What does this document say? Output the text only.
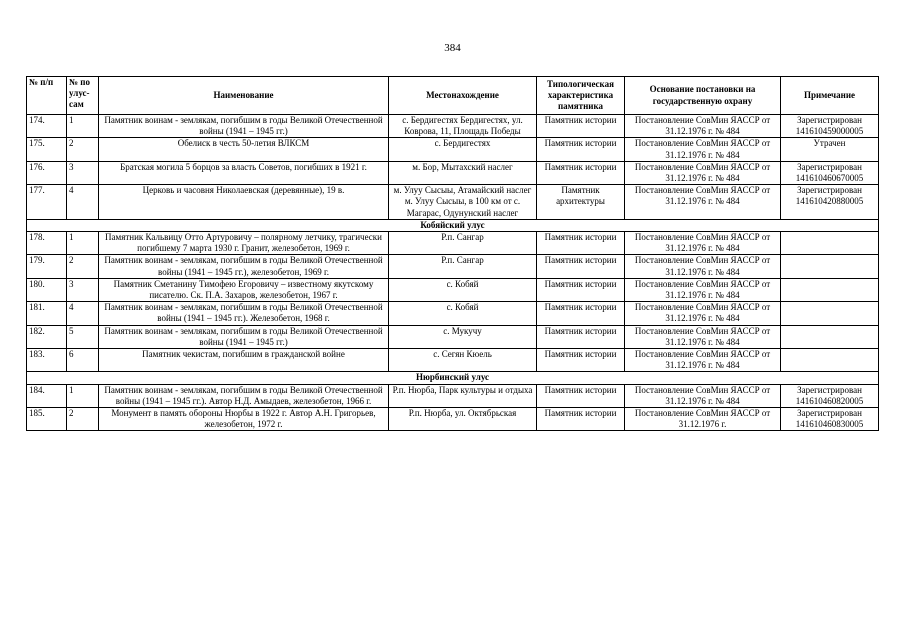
384
№ п/п	№ по улус-сам	Наименование	Местонахождение	Типологическая характеристика памятника	Основание постановки на государственную охрану	Примечание
174.	1	Памятник воинам - землякам, погибшим в годы Великой Отечественной войны (1941 – 1945 гг.)	с. Бердигестях Бердигестях, ул. Коврова, 11, Площадь Победы	Памятник истории	Постановление СовМин ЯАССР от 31.12.1976 г. № 484	Зарегистрирован 141610459000005
175.	2	Обелиск в честь 50-летия ВЛКСМ	с. Бердигестях	Памятник истории	Постановление СовМин ЯАССР от 31.12.1976 г. № 484	Утрачен
176.	3	Братская могила 5 борцов за власть Советов, погибших в 1921 г.	м. Бор, Мытахский наслег	Памятник истории	Постановление СовМин ЯАССР от 31.12.1976 г. № 484	Зарегистрирован 141610460670005
177.	4	Церковь и часовня Николаевская (деревянные), 19 в.	м. Улуу Сысыы, Атамайский наслег м. Улуу Сысыы, в 100 км от с. Магарас, Одунунский наслег	Памятник архитектуры	Постановление СовМин ЯАССР от 31.12.1976 г. № 484	Зарегистрирован 141610420880005
Кобяйский улус						
178.	1	Памятник Кальвицу Отто Артуровичу – полярному летчику, трагически погибшему 7 марта 1930 г. Гранит, железобетон, 1969 г.	Р.п. Сангар	Памятник истории	Постановление СовМин ЯАССР от 31.12.1976 г. № 484	
179.	2	Памятник воинам - землякам, погибшим в годы Великой Отечественной войны (1941 – 1945 гг.), железобетон, 1969 г.	Р.п. Сангар	Памятник истории	Постановление СовМин ЯАССР от 31.12.1976 г. № 484	
180.	3	Памятник Сметанину Тимофею Егоровичу – известному якутскому писателю. Ск. П.А. Захаров, железобетон, 1967 г.	с. Кобяй	Памятник истории	Постановление СовМин ЯАССР от 31.12.1976 г. № 484	
181.	4	Памятник воинам - землякам, погибшим в годы Великой Отечественной войны (1941 – 1945 гг.). Железобетон, 1968 г.	с. Кобяй	Памятник истории	Постановление СовМин ЯАССР от 31.12.1976 г. № 484	
182.	5	Памятник воинам - землякам, погибшим в годы Великой Отечественной войны (1941 – 1945 гг.)	с. Мукучу	Памятник истории	Постановление СовМин ЯАССР от 31.12.1976 г. № 484	
183.	6	Памятник чекистам, погибшим в гражданской войне	с. Сегян Кюель	Памятник истории	Постановление СовМин ЯАССР от 31.12.1976 г. № 484	
Нюрбинский улус						
184.	1	Памятник воинам - землякам, погибшим в годы Великой Отечественной войны (1941 – 1945 гг.). Автор Н.Д. Амыдаев, железобетон, 1966 г.	Р.п. Нюрба, Парк культуры и отдыха	Памятник истории	Постановление СовМин ЯАССР от 31.12.1976 г. № 484	Зарегистрирован 141610460820005
185.	2	Монумент в память обороны Нюрбы в 1922 г. Автор А.Н. Григорьев, железобетон, 1972 г.	Р.п. Нюрба, ул. Октябрьская	Памятник истории	Постановление СовМин ЯАССР от 31.12.1976 г.	Зарегистрирован 141610460830005
